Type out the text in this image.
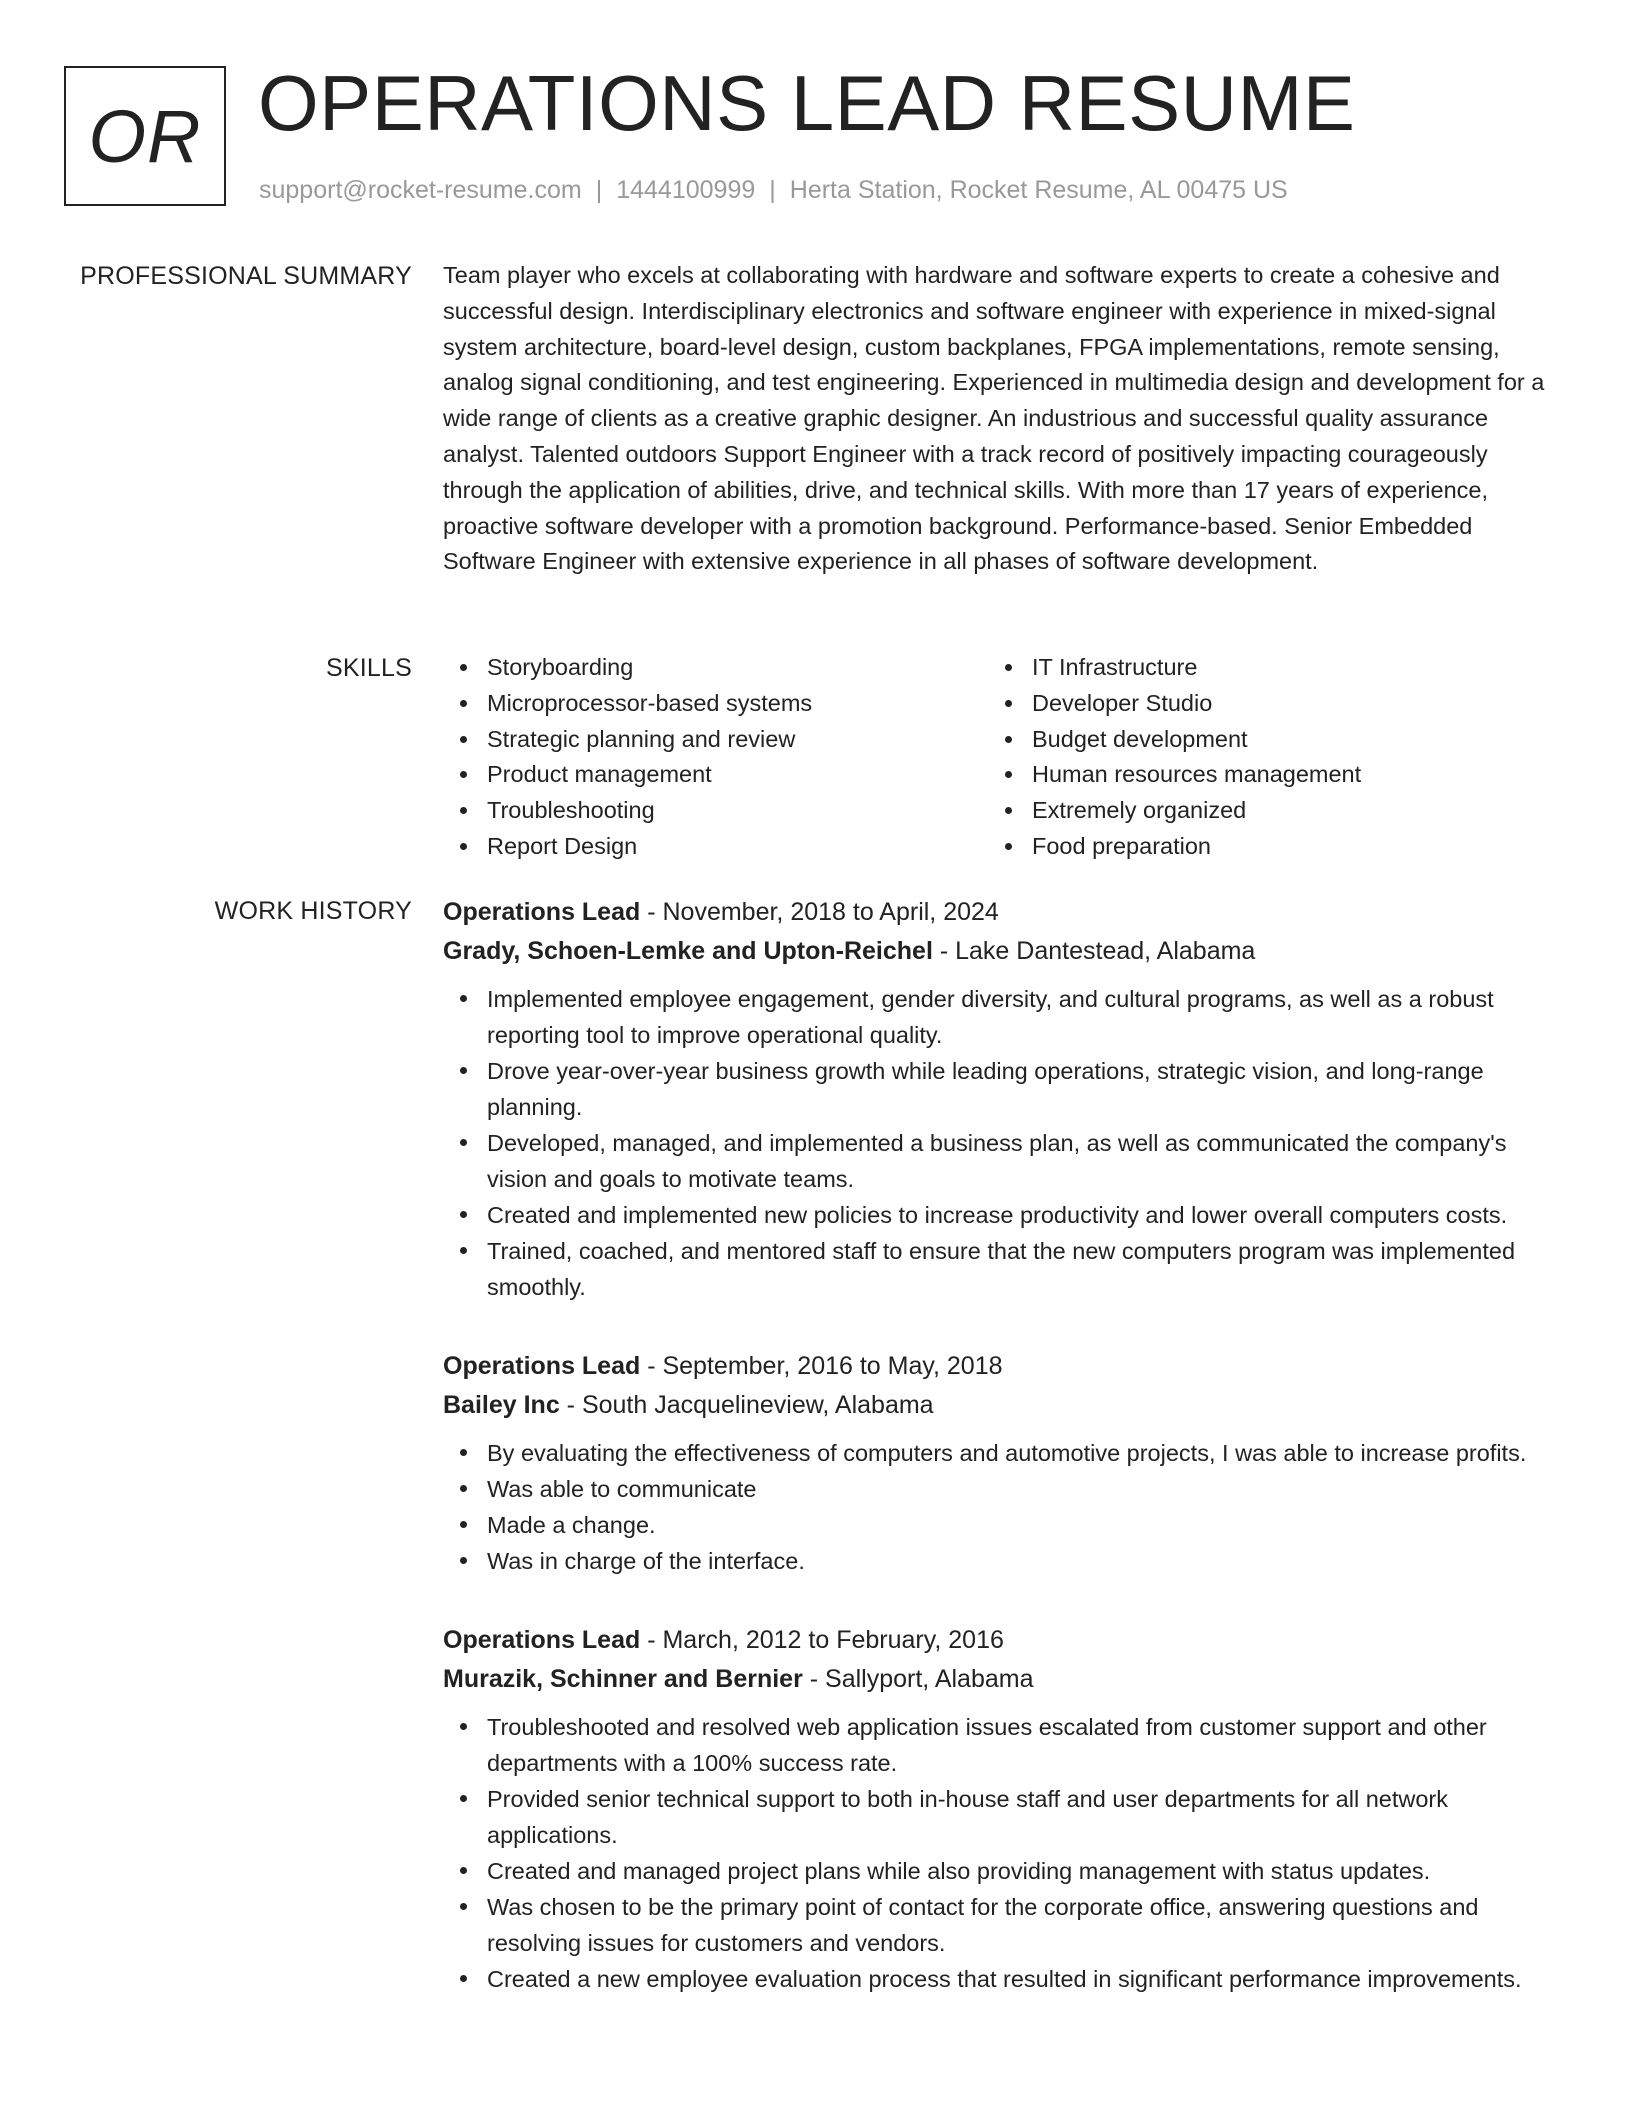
OR OPERATIONS LEAD RESUME
support@rocket-resume.com | 1444100999 | Herta Station, Rocket Resume, AL 00475 US
PROFESSIONAL SUMMARY Team player who excels at collaborating with hardware and software experts to create a cohesive and successful design. Interdisciplinary electronics and software engineer with experience in mixed-signal system architecture, board-level design, custom backplanes, FPGA implementations, remote sensing, analog signal conditioning, and test engineering. Experienced in multimedia design and development for a wide range of clients as a creative graphic designer. An industrious and successful quality assurance analyst. Talented outdoors Support Engineer with a track record of positively impacting courageously through the application of abilities, drive, and technical skills. With more than 17 years of experience, proactive software developer with a promotion background. Performance-based. Senior Embedded Software Engineer with extensive experience in all phases of software development.

SKILLS	Storyboarding
Microprocessor-based systems
Strategic planning and review
Product management
Troubleshooting
Report Design
IT Infrastructure
Developer Studio
Budget development
Human resources management
Extremely organized
Food preparation
WORK HISTORY Operations Lead - November, 2018 to April, 2024
Grady, Schoen-Lemke and Upton-Reichel - Lake Dantestead, Alabama
Implemented employee engagement, gender diversity, and cultural programs, as well as a robust reporting tool to improve operational quality.
Drove year-over-year business growth while leading operations, strategic vision, and long-range planning.
Developed, managed, and implemented a business plan, as well as communicated the company's vision and goals to motivate teams.
Created and implemented new policies to increase productivity and lower overall computers costs.
Trained, coached, and mentored staff to ensure that the new computers program was implemented smoothly.
Operations Lead - September, 2016 to May, 2018
Bailey Inc - South Jacquelineview, Alabama
By evaluating the effectiveness of computers and automotive projects, I was able to increase profits.
Was able to communicate
Made a change.
Was in charge of the interface.
Operations Lead - March, 2012 to February, 2016
Murazik, Schinner and Bernier - Sallyport, Alabama
Troubleshooted and resolved web application issues escalated from customer support and other departments with a 100% success rate.
Provided senior technical support to both in-house staff and user departments for all network applications.
Created and managed project plans while also providing management with status updates.
Was chosen to be the primary point of contact for the corporate office, answering questions and resolving issues for customers and vendors.
Created a new employee evaluation process that resulted in significant performance improvements.
